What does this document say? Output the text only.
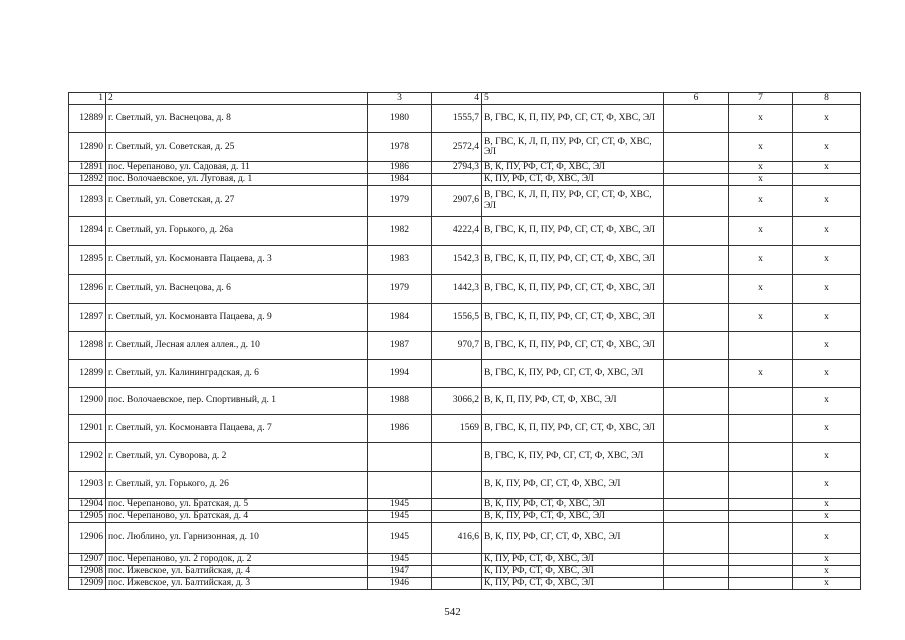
1	2	3	4	5	6	7	8
12889	г. Светлый, ул. Васнецова, д. 8	1980	1555,7	В, ГВС, К, П, ПУ, РФ, СГ, СТ, Ф, ХВС, ЭЛ		х	х
12890	г. Светлый, ул. Советская, д. 25	1978	2572,4	В, ГВС, К, Л, П, ПУ, РФ, СГ, СТ, Ф, ХВС, ЭЛ		х	х
12891	пос. Черепаново, ул. Садовая, д. 11	1986	2794,3	В, К, ПУ, РФ, СТ, Ф, ХВС, ЭЛ		х	х
12892	пос. Волочаевское, ул. Луговая, д. 1	1984		К, ПУ, РФ, СТ, Ф, ХВС, ЭЛ		х	
12893	г. Светлый, ул. Советская, д. 27	1979	2907,6	В, ГВС, К, Л, П, ПУ, РФ, СГ, СТ, Ф, ХВС, ЭЛ		х	х
12894	г. Светлый, ул. Горького, д. 26а	1982	4222,4	В, ГВС, К, П, ПУ, РФ, СГ, СТ, Ф, ХВС, ЭЛ		х	х
12895	г. Светлый, ул. Космонавта Пацаева, д. 3	1983	1542,3	В, ГВС, К, П, ПУ, РФ, СГ, СТ, Ф, ХВС, ЭЛ		х	х
12896	г. Светлый, ул. Васнецова, д. 6	1979	1442,3	В, ГВС, К, П, ПУ, РФ, СГ, СТ, Ф, ХВС, ЭЛ		х	х
12897	г. Светлый, ул. Космонавта Пацаева, д. 9	1984	1556,5	В, ГВС, К, П, ПУ, РФ, СГ, СТ, Ф, ХВС, ЭЛ		х	х
12898	г. Светлый, Лесная аллея аллея., д. 10	1987	970,7	В, ГВС, К, П, ПУ, РФ, СГ, СТ, Ф, ХВС, ЭЛ			х
12899	г. Светлый, ул. Калининградская, д. 6	1994		В, ГВС, К, ПУ, РФ, СГ, СТ, Ф, ХВС, ЭЛ		х	х
12900	пос. Волочаевское, пер. Спортивный, д. 1	1988	3066,2	В, К, П, ПУ, РФ, СТ, Ф, ХВС, ЭЛ			х
12901	г. Светлый, ул. Космонавта Пацаева, д. 7	1986	1569	В, ГВС, К, П, ПУ, РФ, СГ, СТ, Ф, ХВС, ЭЛ			х
12902	г. Светлый, ул. Суворова, д. 2			В, ГВС, К, ПУ, РФ, СГ, СТ, Ф, ХВС, ЭЛ			х
12903	г. Светлый, ул. Горького, д. 26			В, К, ПУ, РФ, СГ, СТ, Ф, ХВС, ЭЛ			х
12904	пос. Черепаново, ул. Братская, д. 5	1945		В, К, ПУ, РФ, СТ, Ф, ХВС, ЭЛ			х
12905	пос. Черепаново, ул. Братская, д. 4	1945		В, К, ПУ, РФ, СТ, Ф, ХВС, ЭЛ			х
12906	пос. Люблино, ул. Гарнизонная, д. 10	1945	416,6	В, К, ПУ, РФ, СГ, СТ, Ф, ХВС, ЭЛ			х
12907	пос. Черепаново, ул. 2 городок, д. 2	1945		К, ПУ, РФ, СТ, Ф, ХВС, ЭЛ			х
12908	пос. Ижевское, ул. Балтийская, д. 4	1947		К, ПУ, РФ, СТ, Ф, ХВС, ЭЛ			х
12909	пос. Ижевское, ул. Балтийская, д. 3	1946		К, ПУ, РФ, СТ, Ф, ХВС, ЭЛ			х
542
